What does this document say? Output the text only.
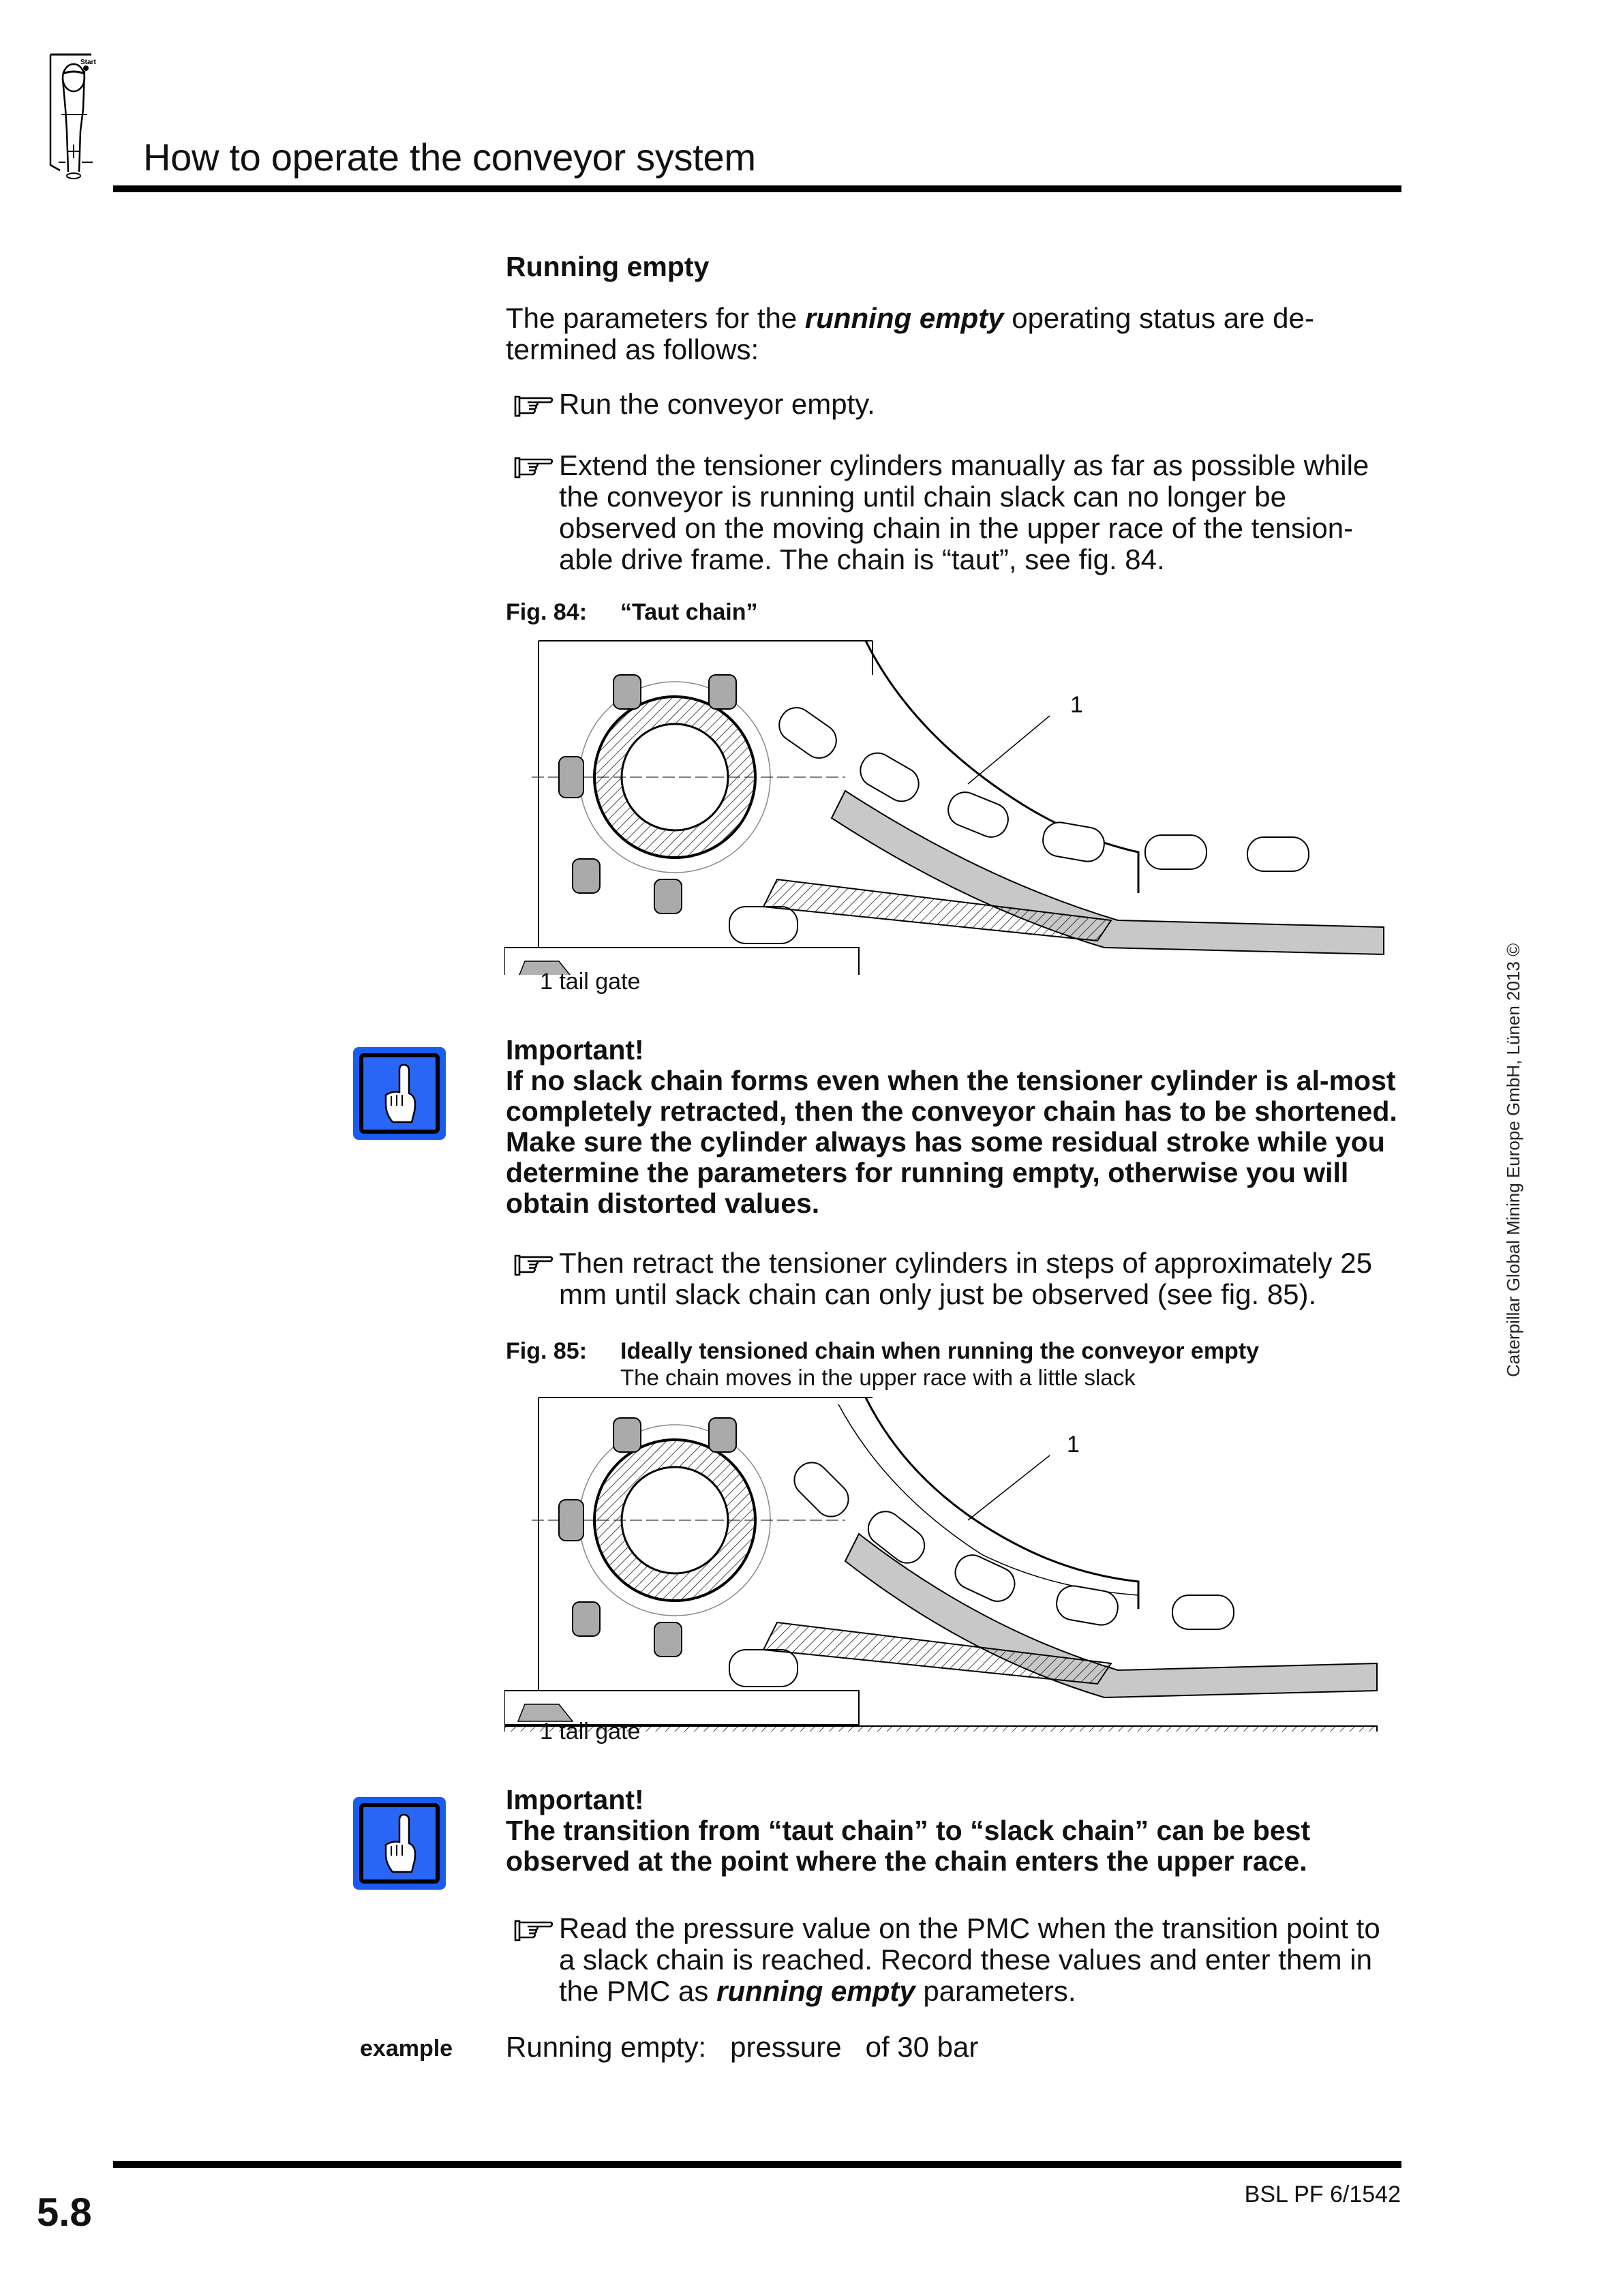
Start
How to operate the conveyor system
Running empty
The parameters for the running empty operating status are de-termined as follows:
Run the conveyor empty.
Extend the tensioner cylinders manually as far as possible while the conveyor is running until chain slack can no longer be observed on the moving chain in the upper race of the tension-able drive frame. The chain is “taut”, see fig. 84.
Fig. 84: “Taut chain”
1
1 tail gate
Important!
If no slack chain forms even when the tensioner cylinder is al-most completely retracted, then the conveyor chain has to be shortened. Make sure the cylinder always has some residual stroke while you determine the parameters for running empty, otherwise you will obtain distorted values.
Then retract the tensioner cylinders in steps of approximately 25 mm until slack chain can only just be observed (see fig. 85).
Fig. 85: Ideally tensioned chain when running the conveyor empty
The chain moves in the upper race with a little slack
1
1 tail gate
Important!
The transition from “taut chain” to “slack chain” can be best observed at the point where the chain enters the upper race.
Read the pressure value on the PMC when the transition point to a slack chain is reached. Record these values and enter them in the PMC as running empty parameters.
example Running empty:   pressure   of 30 bar
Caterpillar Global Mining Europe GmbH, Lünen 2013 ©
5.8	BSL PF 6/1542
